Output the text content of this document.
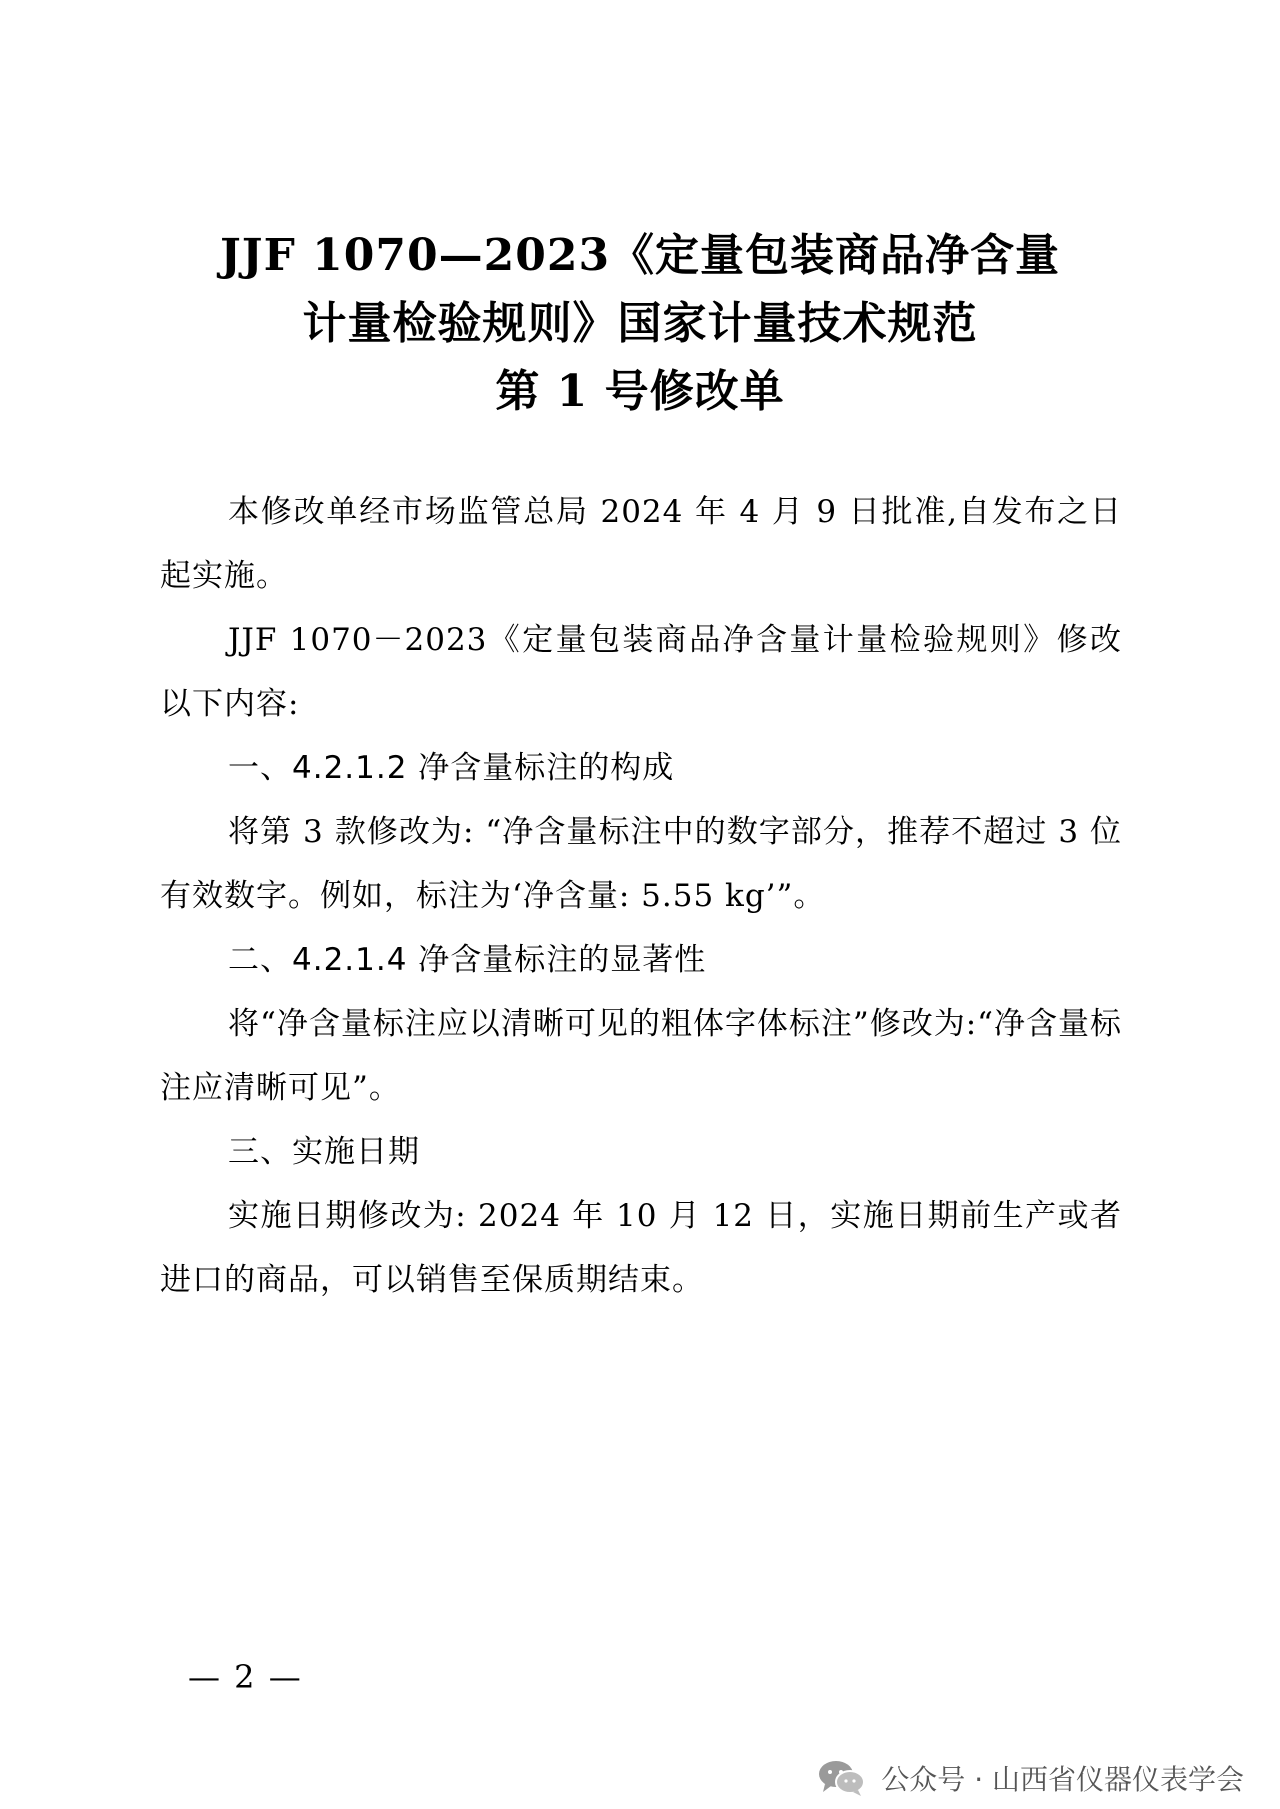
JJF 1070—2023《定量包装商品净含量
计量检验规则》国家计量技术规范
第 1 号修改单

本修改单经市场监管总局 2024 年 4 月 9 日批准,自发布之日起实施。

JJF 1070－2023《定量包装商品净含量计量检验规则》修改以下内容:

一、4.2.1.2 净含量标注的构成

将第 3 款修改为: “净含量标注中的数字部分，推荐不超过 3 位有效数字。例如，标注为‘净含量: 5.55 kg’”。

二、4.2.1.4 净含量标注的显著性

将“净含量标注应以清晰可见的粗体字体标注”修改为:“净含量标注应清晰可见”。

三、实施日期

实施日期修改为: 2024 年 10 月 12 日，实施日期前生产或者进口的商品，可以销售至保质期结束。

— 2 —
公众号 · 山西省仪器仪表学会
